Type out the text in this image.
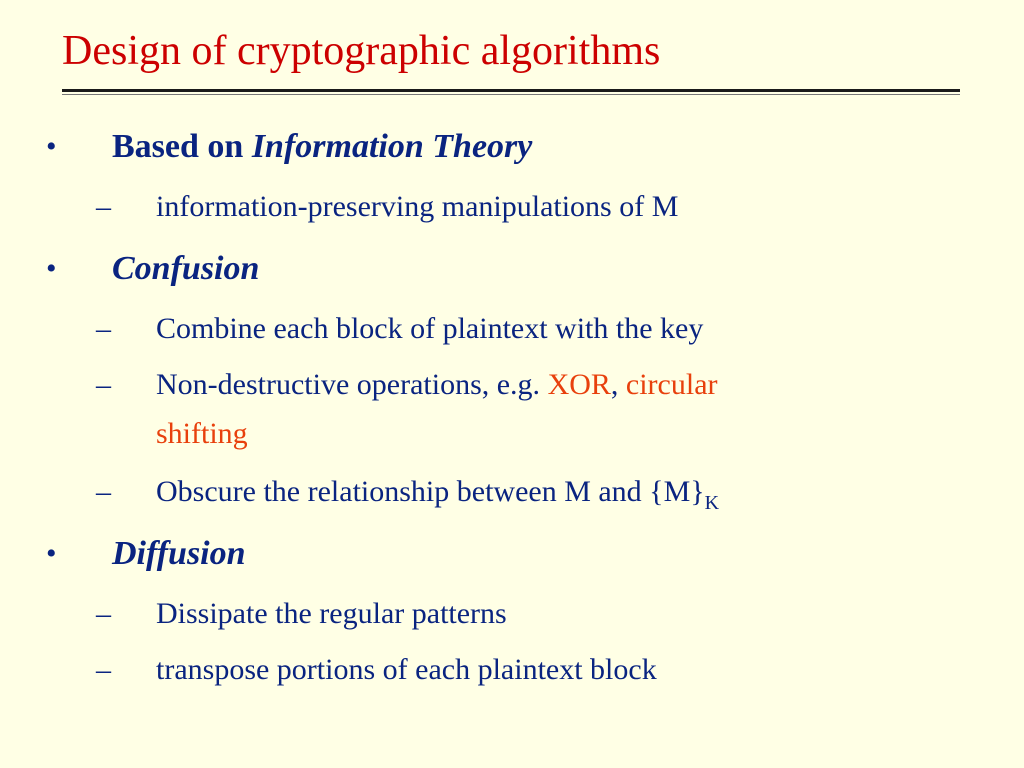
Design of cryptographic algorithms
• Based on Information Theory
– information-preserving manipulations of M
• Confusion
– Combine each block of plaintext with the key
– Non-destructive operations, e.g. XOR, circular
shifting
– Obscure the relationship between M and $\{M\}_K$
• Diffusion
– Dissipate the regular patterns
– transpose portions of each plaintext block
